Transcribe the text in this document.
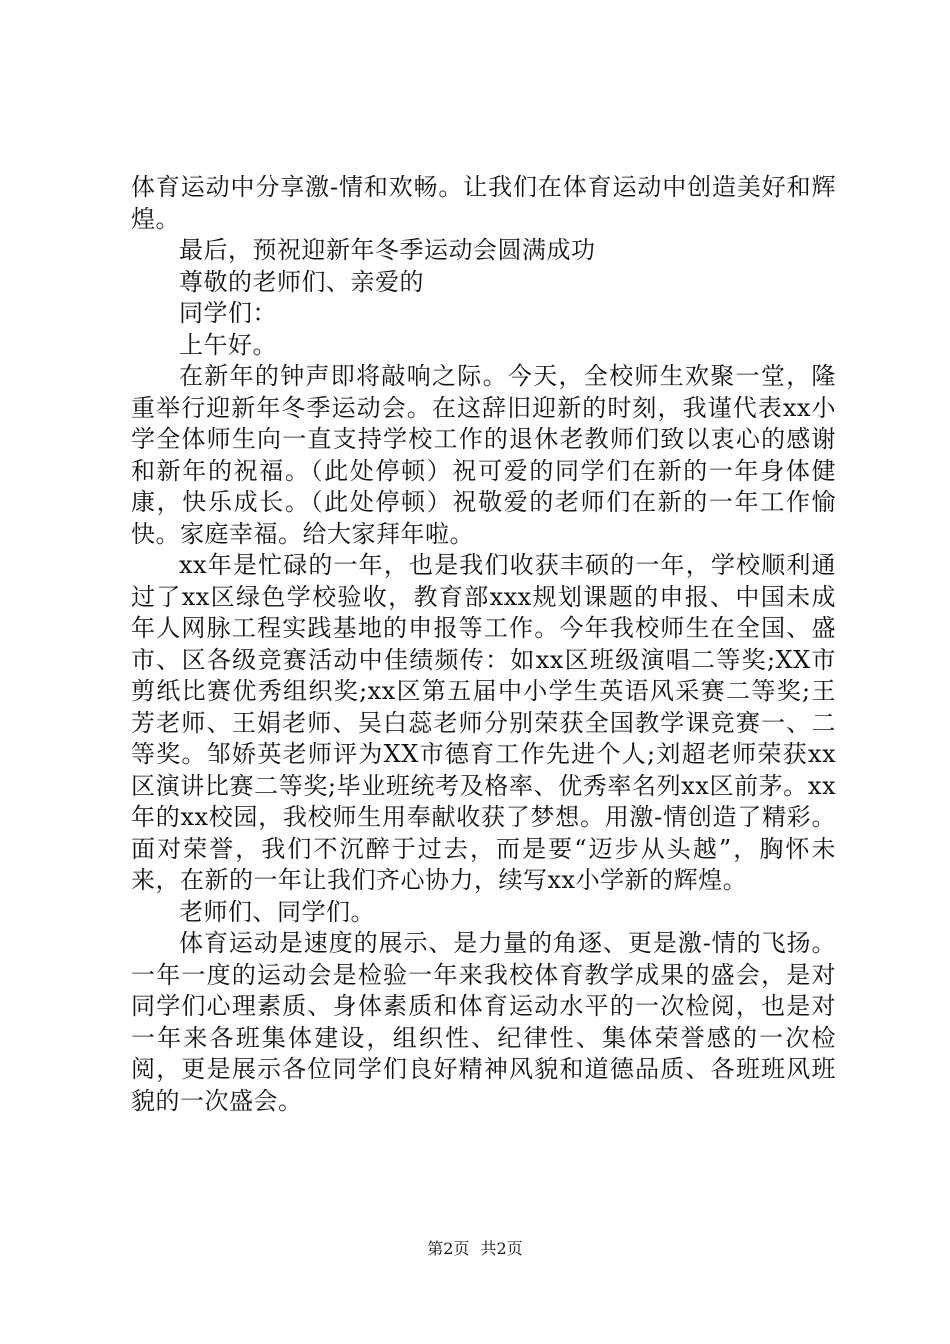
体育运动中分享激-情和欢畅。让我们在体育运动中创造美好和辉煌。

最后，预祝迎新年冬季运动会圆满成功

尊敬的老师们、亲爱的

同学们：

上午好。

在新年的钟声即将敲响之际。今天，全校师生欢聚一堂，隆重举行迎新年冬季运动会。在这辞旧迎新的时刻，我谨代表xx小学全体师生向一直支持学校工作的退休老教师们致以衷心的感谢和新年的祝福。（此处停顿）祝可爱的同学们在新的一年身体健康，快乐成长。（此处停顿）祝敬爱的老师们在新的一年工作愉快。家庭幸福。给大家拜年啦。

xx年是忙碌的一年，也是我们收获丰硕的一年，学校顺利通过了xx区绿色学校验收，教育部xxx规划课题的申报、中国未成年人网脉工程实践基地的申报等工作。今年我校师生在全国、盛市、区各级竞赛活动中佳绩频传：如xx区班级演唱二等奖;XX市剪纸比赛优秀组织奖;xx区第五届中小学生英语风采赛二等奖;王芳老师、王娟老师、吴白蕊老师分别荣获全国教学课竞赛一、二等奖。邹娇英老师评为XX市德育工作先进个人;刘超老师荣获xx区演讲比赛二等奖;毕业班统考及格率、优秀率名列xx区前茅。xx年的xx校园，我校师生用奉献收获了梦想。用激-情创造了精彩。面对荣誉，我们不沉醉于过去，而是要“迈步从头越”，胸怀未来，在新的一年让我们齐心协力，续写xx小学新的辉煌。

老师们、同学们。

体育运动是速度的展示、是力量的角逐、更是激-情的飞扬。一年一度的运动会是检验一年来我校体育教学成果的盛会，是对同学们心理素质、身体素质和体育运动水平的一次检阅，也是对一年来各班集体建设，组织性、纪律性、集体荣誉感的一次检阅，更是展示各位同学们良好精神风貌和道德品质、各班班风班貌的一次盛会。

第2页 共2页
